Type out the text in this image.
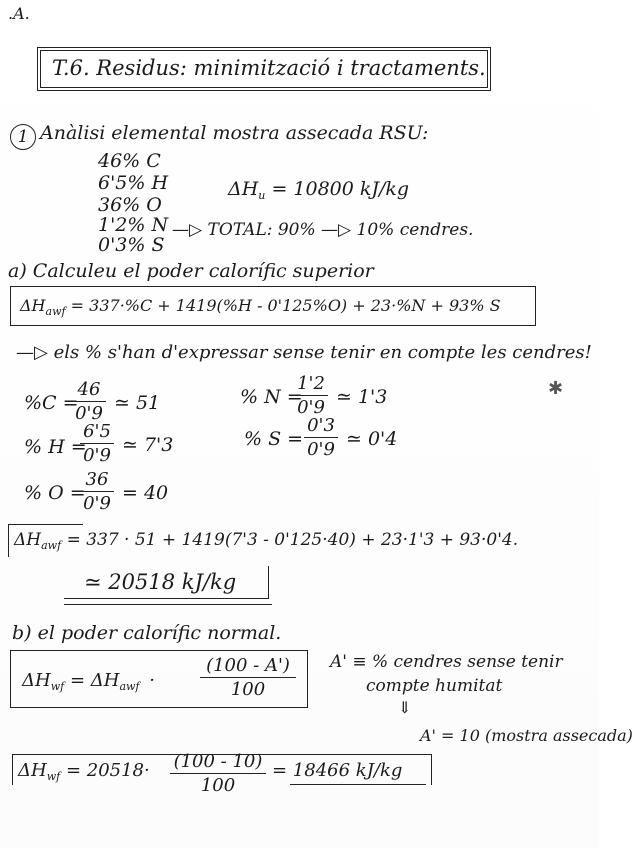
.A.
T.6. Residus: minimització i tractaments.
1 Anàlisi elemental mostra assecada RSU:
46% C
6'5% H
36% O
1'2% N
0'3% S
$\Delta H_u = 10800$ kJ/kg
—▷ TOTAL: 90% —▷ 10% cendres.
a) Calculeu el poder calorífic superior
$\Delta H_{awf} = 337\cdot\%C + 1419(\%H - 0'125\%O) + 23\cdot\%N + 93\%$ S
—▷ els % s'han d'expressar sense tenir en compte les cendres!
%C =
46
0'9 ≃ 51	% N =
1'2
0'9 ≃ 1'3	✱
% H =
6'5
0'9 ≃ 7'3	% S =
0'3
0'9 ≃ 0'4
% O =
36
0'9 = 40
$\Delta H_{awf} = 337 \cdot 51 + 1419(7'3 - 0'125\cdot 40) + 23\cdot 1'3 + 93\cdot 0'4$.
≃ 20518 kJ/kg
b) el poder calorífic normal.
$\Delta H_{wf} = \Delta H_{awf}$ ·
(100 - A')
100
A' ≡ % cendres sense tenir
compte humitat
⇓
A' = 10 (mostra assecada)
$\Delta H_{wf} = 20518\cdot (100 - 10)$
100
= 18466 kJ/kg
